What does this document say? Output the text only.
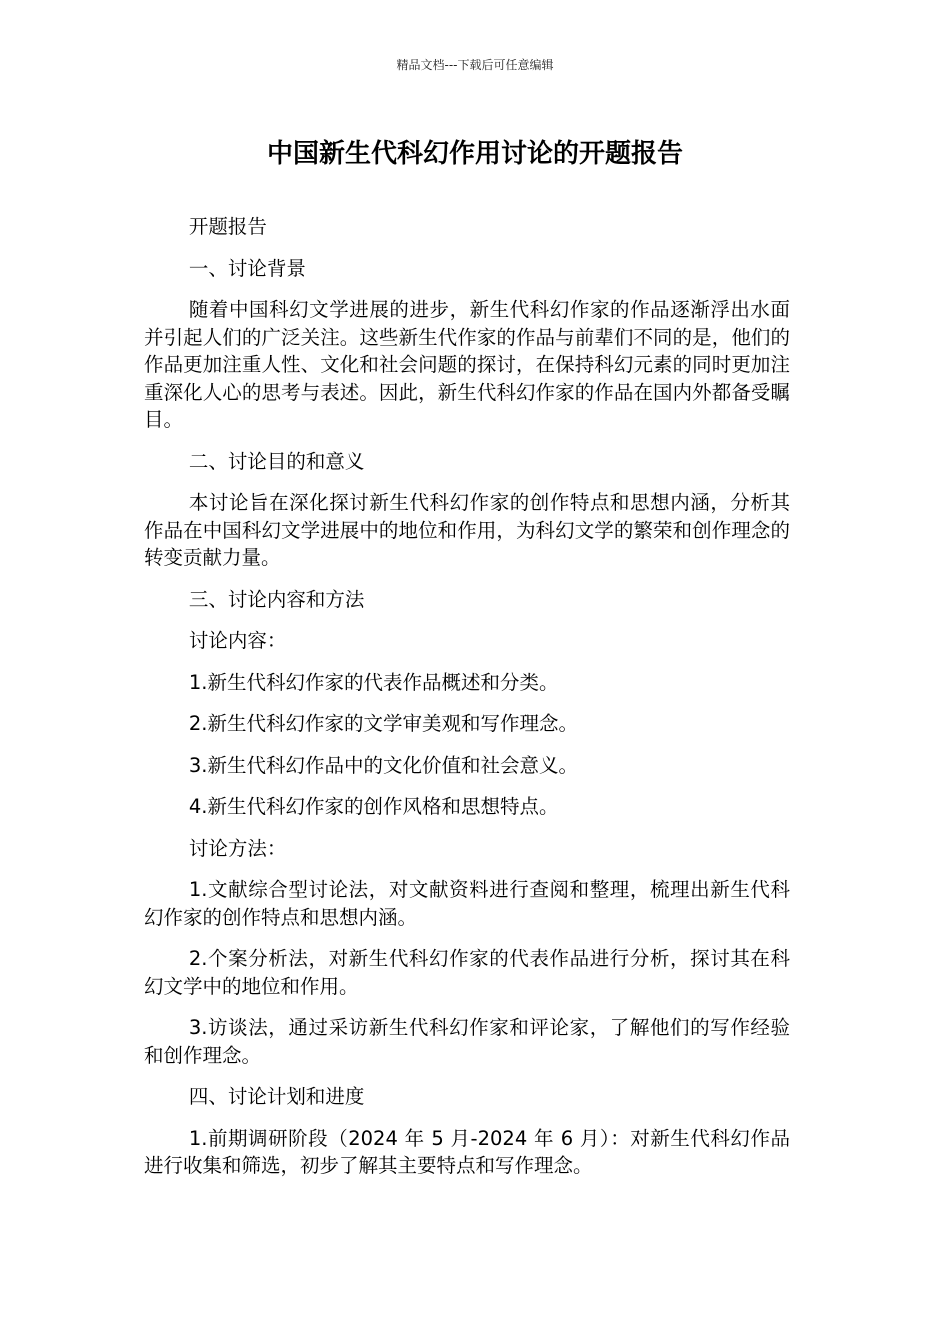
精品文档---下载后可任意编辑
中国新生代科幻作用讨论的开题报告

开题报告

一、讨论背景

随着中国科幻文学进展的进步，新生代科幻作家的作品逐渐浮出水面并引起人们的广泛关注。这些新生代作家的作品与前辈们不同的是，他们的作品更加注重人性、文化和社会问题的探讨，在保持科幻元素的同时更加注重深化人心的思考与表述。因此，新生代科幻作家的作品在国内外都备受瞩目。

二、讨论目的和意义

本讨论旨在深化探讨新生代科幻作家的创作特点和思想内涵，分析其作品在中国科幻文学进展中的地位和作用，为科幻文学的繁荣和创作理念的转变贡献力量。

三、讨论内容和方法

讨论内容：

1.新生代科幻作家的代表作品概述和分类。

2.新生代科幻作家的文学审美观和写作理念。

3.新生代科幻作品中的文化价值和社会意义。

4.新生代科幻作家的创作风格和思想特点。

讨论方法：

1.文献综合型讨论法，对文献资料进行查阅和整理，梳理出新生代科幻作家的创作特点和思想内涵。

2.个案分析法，对新生代科幻作家的代表作品进行分析，探讨其在科幻文学中的地位和作用。

3.访谈法，通过采访新生代科幻作家和评论家，了解他们的写作经验和创作理念。

四、讨论计划和进度

1.前期调研阶段（2024 年 5 月-2024 年 6 月）：对新生代科幻作品进行收集和筛选，初步了解其主要特点和写作理念。
